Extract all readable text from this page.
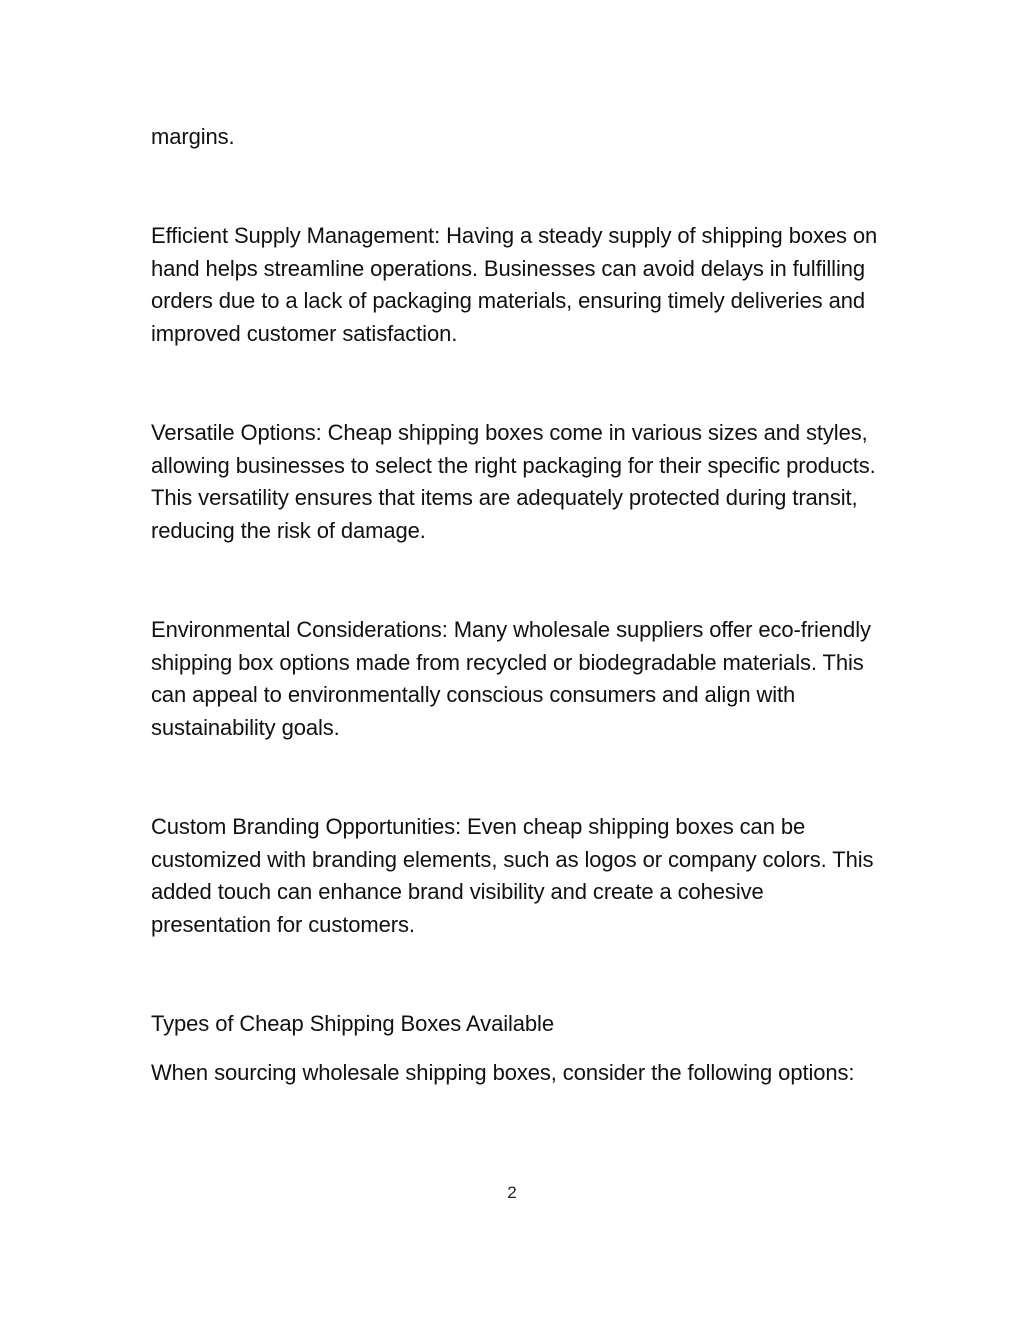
margins.

Efficient Supply Management: Having a steady supply of shipping boxes on hand helps streamline operations. Businesses can avoid delays in fulfilling orders due to a lack of packaging materials, ensuring timely deliveries and improved customer satisfaction.

Versatile Options: Cheap shipping boxes come in various sizes and styles, allowing businesses to select the right packaging for their specific products. This versatility ensures that items are adequately protected during transit, reducing the risk of damage.

Environmental Considerations: Many wholesale suppliers offer eco-friendly shipping box options made from recycled or biodegradable materials. This can appeal to environmentally conscious consumers and align with sustainability goals.

Custom Branding Opportunities: Even cheap shipping boxes can be customized with branding elements, such as logos or company colors. This added touch can enhance brand visibility and create a cohesive presentation for customers.

Types of Cheap Shipping Boxes Available

When sourcing wholesale shipping boxes, consider the following options:

2
